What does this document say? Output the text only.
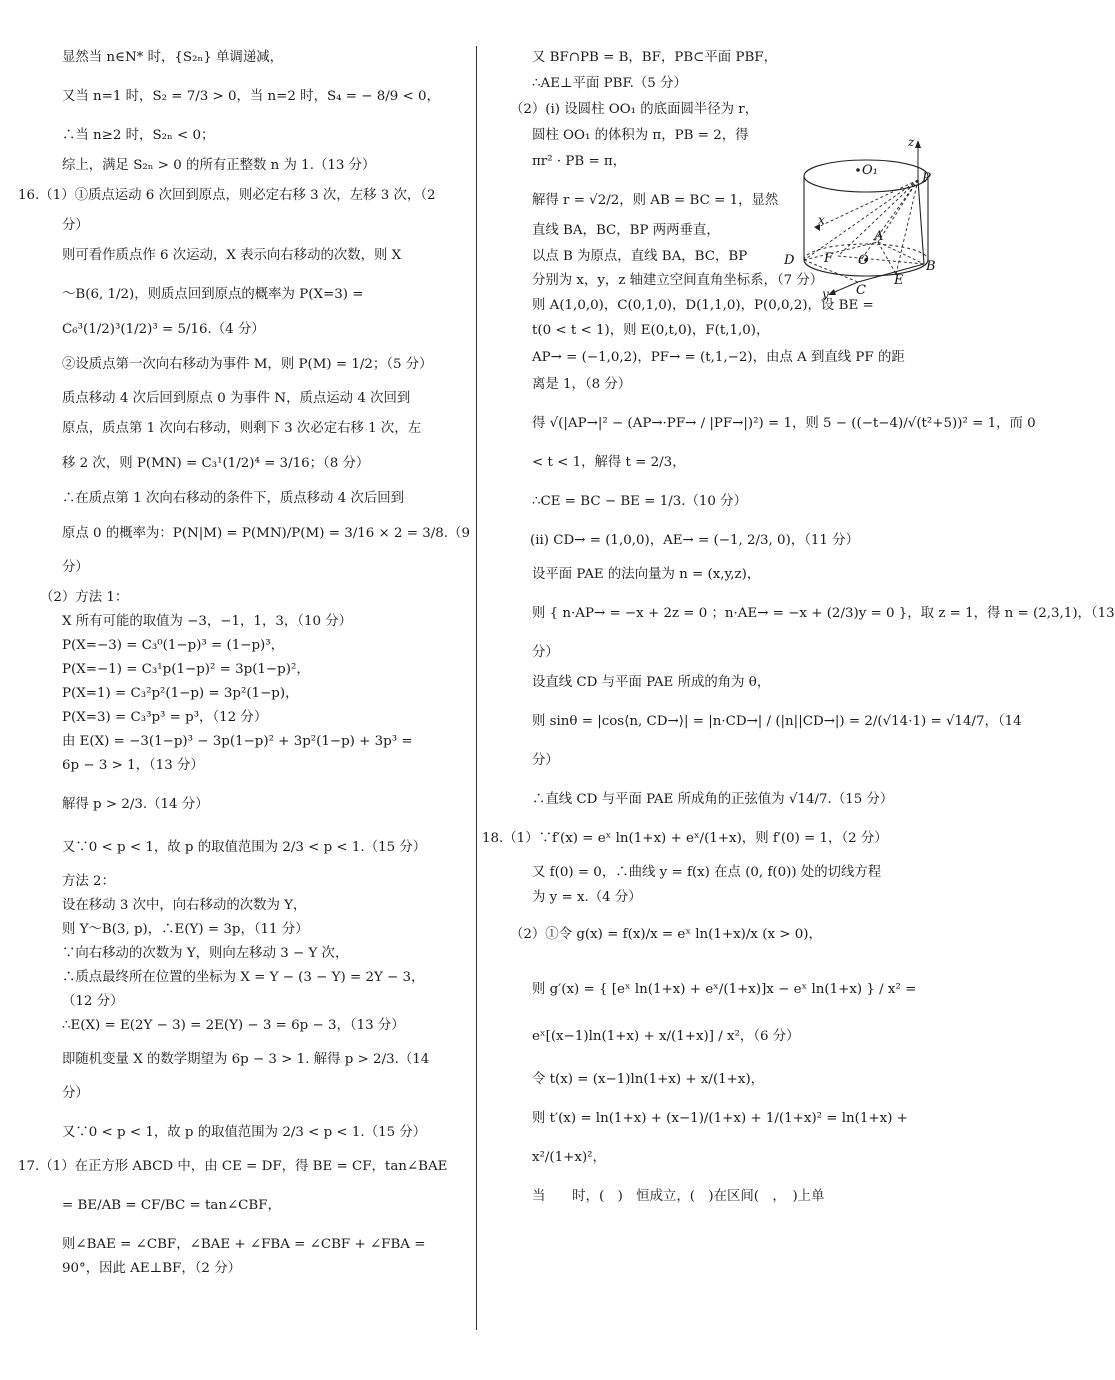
显然当 n∈N* 时，{S₂ₙ} 单调递减，
又当 n=1 时，S₂ = 7/3 > 0，当 n=2 时，S₄ = − 8/9 < 0，
∴当 n≥2 时，S₂ₙ < 0；
综上，满足 S₂ₙ > 0 的所有正整数 n 为 1.（13 分）
16.（1）①质点运动 6 次回到原点，则必定右移 3 次，左移 3 次，（2
分）
则可看作质点作 6 次运动，X 表示向右移动的次数，则 X
～B(6, 1/2)，则质点回到原点的概率为 P(X=3) =
C₆³(1/2)³(1/2)³ = 5/16.（4 分）
②设质点第一次向右移动为事件 M，则 P(M) = 1/2；（5 分）
质点移动 4 次后回到原点 0 为事件 N，质点运动 4 次回到
原点，质点第 1 次向右移动，则剩下 3 次必定右移 1 次，左
移 2 次，则 P(MN) = C₃¹(1/2)⁴ = 3/16；（8 分）
∴在质点第 1 次向右移动的条件下，质点移动 4 次后回到
原点 0 的概率为：P(N|M) = P(MN)/P(M) = 3/16 × 2 = 3/8.（9
分）
（2）方法 1：
X 所有可能的取值为 −3，−1，1，3，（10 分）
P(X=−3) = C₃⁰(1−p)³ = (1−p)³，
P(X=−1) = C₃¹p(1−p)² = 3p(1−p)²，
P(X=1) = C₃²p²(1−p) = 3p²(1−p)，
P(X=3) = C₃³p³ = p³，（12 分）
由 E(X) = −3(1−p)³ − 3p(1−p)² + 3p²(1−p) + 3p³ =
6p − 3 > 1，（13 分）
解得 p > 2/3.（14 分）
又∵0 < p < 1，故 p 的取值范围为 2/3 < p < 1.（15 分）
方法 2：
设在移动 3 次中，向右移动的次数为 Y，
则 Y～B(3, p)，∴E(Y) = 3p，（11 分）
∵向右移动的次数为 Y，则向左移动 3 − Y 次，
∴质点最终所在位置的坐标为 X = Y − (3 − Y) = 2Y − 3，
（12 分）
∴E(X) = E(2Y − 3) = 2E(Y) − 3 = 6p − 3，（13 分）
即随机变量 X 的数学期望为 6p − 3 > 1. 解得 p > 2/3.（14
分）
又∵0 < p < 1，故 p 的取值范围为 2/3 < p < 1.（15 分）
17.（1）在正方形 ABCD 中，由 CE = DF，得 BE = CF，tan∠BAE
= BE/AB = CF/BC = tan∠CBF，
则∠BAE = ∠CBF，∠BAE + ∠FBA = ∠CBF + ∠FBA =
90°，因此 AE⊥BF，（2 分）
又 BF∩PB = B，BF，PB⊂平面 PBF，
∴AE⊥平面 PBF.（5 分）
（2）(i) 设圆柱 OO₁ 的底面圆半径为 r，
圆柱 OO₁ 的体积为 π，PB = 2，得
πr² · PB = π，
解得 r = √2/2，则 AB = BC = 1，显然
直线 BA，BC，BP 两两垂直，
以点 B 为原点，直线 BA，BC，BP
分别为 x，y，z 轴建立空间直角坐标系，（7 分）
则 A(1,0,0)，C(0,1,0)，D(1,1,0)，P(0,0,2)，设 BE =
t(0 < t < 1)，则 E(0,t,0)，F(t,1,0)，
AP→ = (−1,0,2)，PF→ = (t,1,−2)，由点 A 到直线 PF 的距
离是 1，（8 分）
得 √(|AP→|² − (AP→·PF→ / |PF→|)²) = 1，则 5 − ((−t−4)/√(t²+5))² = 1，而 0
< t < 1，解得 t = 2/3，
∴CE = BC − BE = 1/3.（10 分）
(ii) CD→ = (1,0,0)，AE→ = (−1, 2/3, 0)，（11 分）
设平面 PAE 的法向量为 n = (x,y,z)，
则 { n·AP→ = −x + 2z = 0 ；n·AE→ = −x + (2/3)y = 0 }，取 z = 1，得 n = (2,3,1)，（13
分）
设直线 CD 与平面 PAE 所成的角为 θ，
则 sinθ = |cos⟨n, CD→⟩| = |n·CD→| / (|n||CD→|) = 2/(√14·1) = √14/7，（14
分）
∴直线 CD 与平面 PAE 所成角的正弦值为 √14/7.（15 分）
18.（1）∵f′(x) = eˣ ln(1+x) + eˣ/(1+x)，则 f′(0) = 1，（2 分）
又 f(0) = 0，∴曲线 y = f(x) 在点 (0, f(0)) 处的切线方程
为 y = x.（4 分）
（2）①令 g(x) = f(x)/x = eˣ ln(1+x)/x (x > 0)，
则 g′(x) = { [eˣ ln(1+x) + eˣ/(1+x)]x − eˣ ln(1+x) } / x² =
eˣ[(x−1)ln(1+x) + x/(1+x)] / x²，（6 分）
令 t(x) = (x−1)ln(1+x) + x/(1+x)，
则 t′(x) = ln(1+x) + (x−1)/(1+x) + 1/(1+x)² = ln(1+x) +
x²/(1+x)²，
当　　时，(　)　恒成立，(　)在区间(　，　)上单
z
P
O₁
x
A
D F O	B
E
C
y
